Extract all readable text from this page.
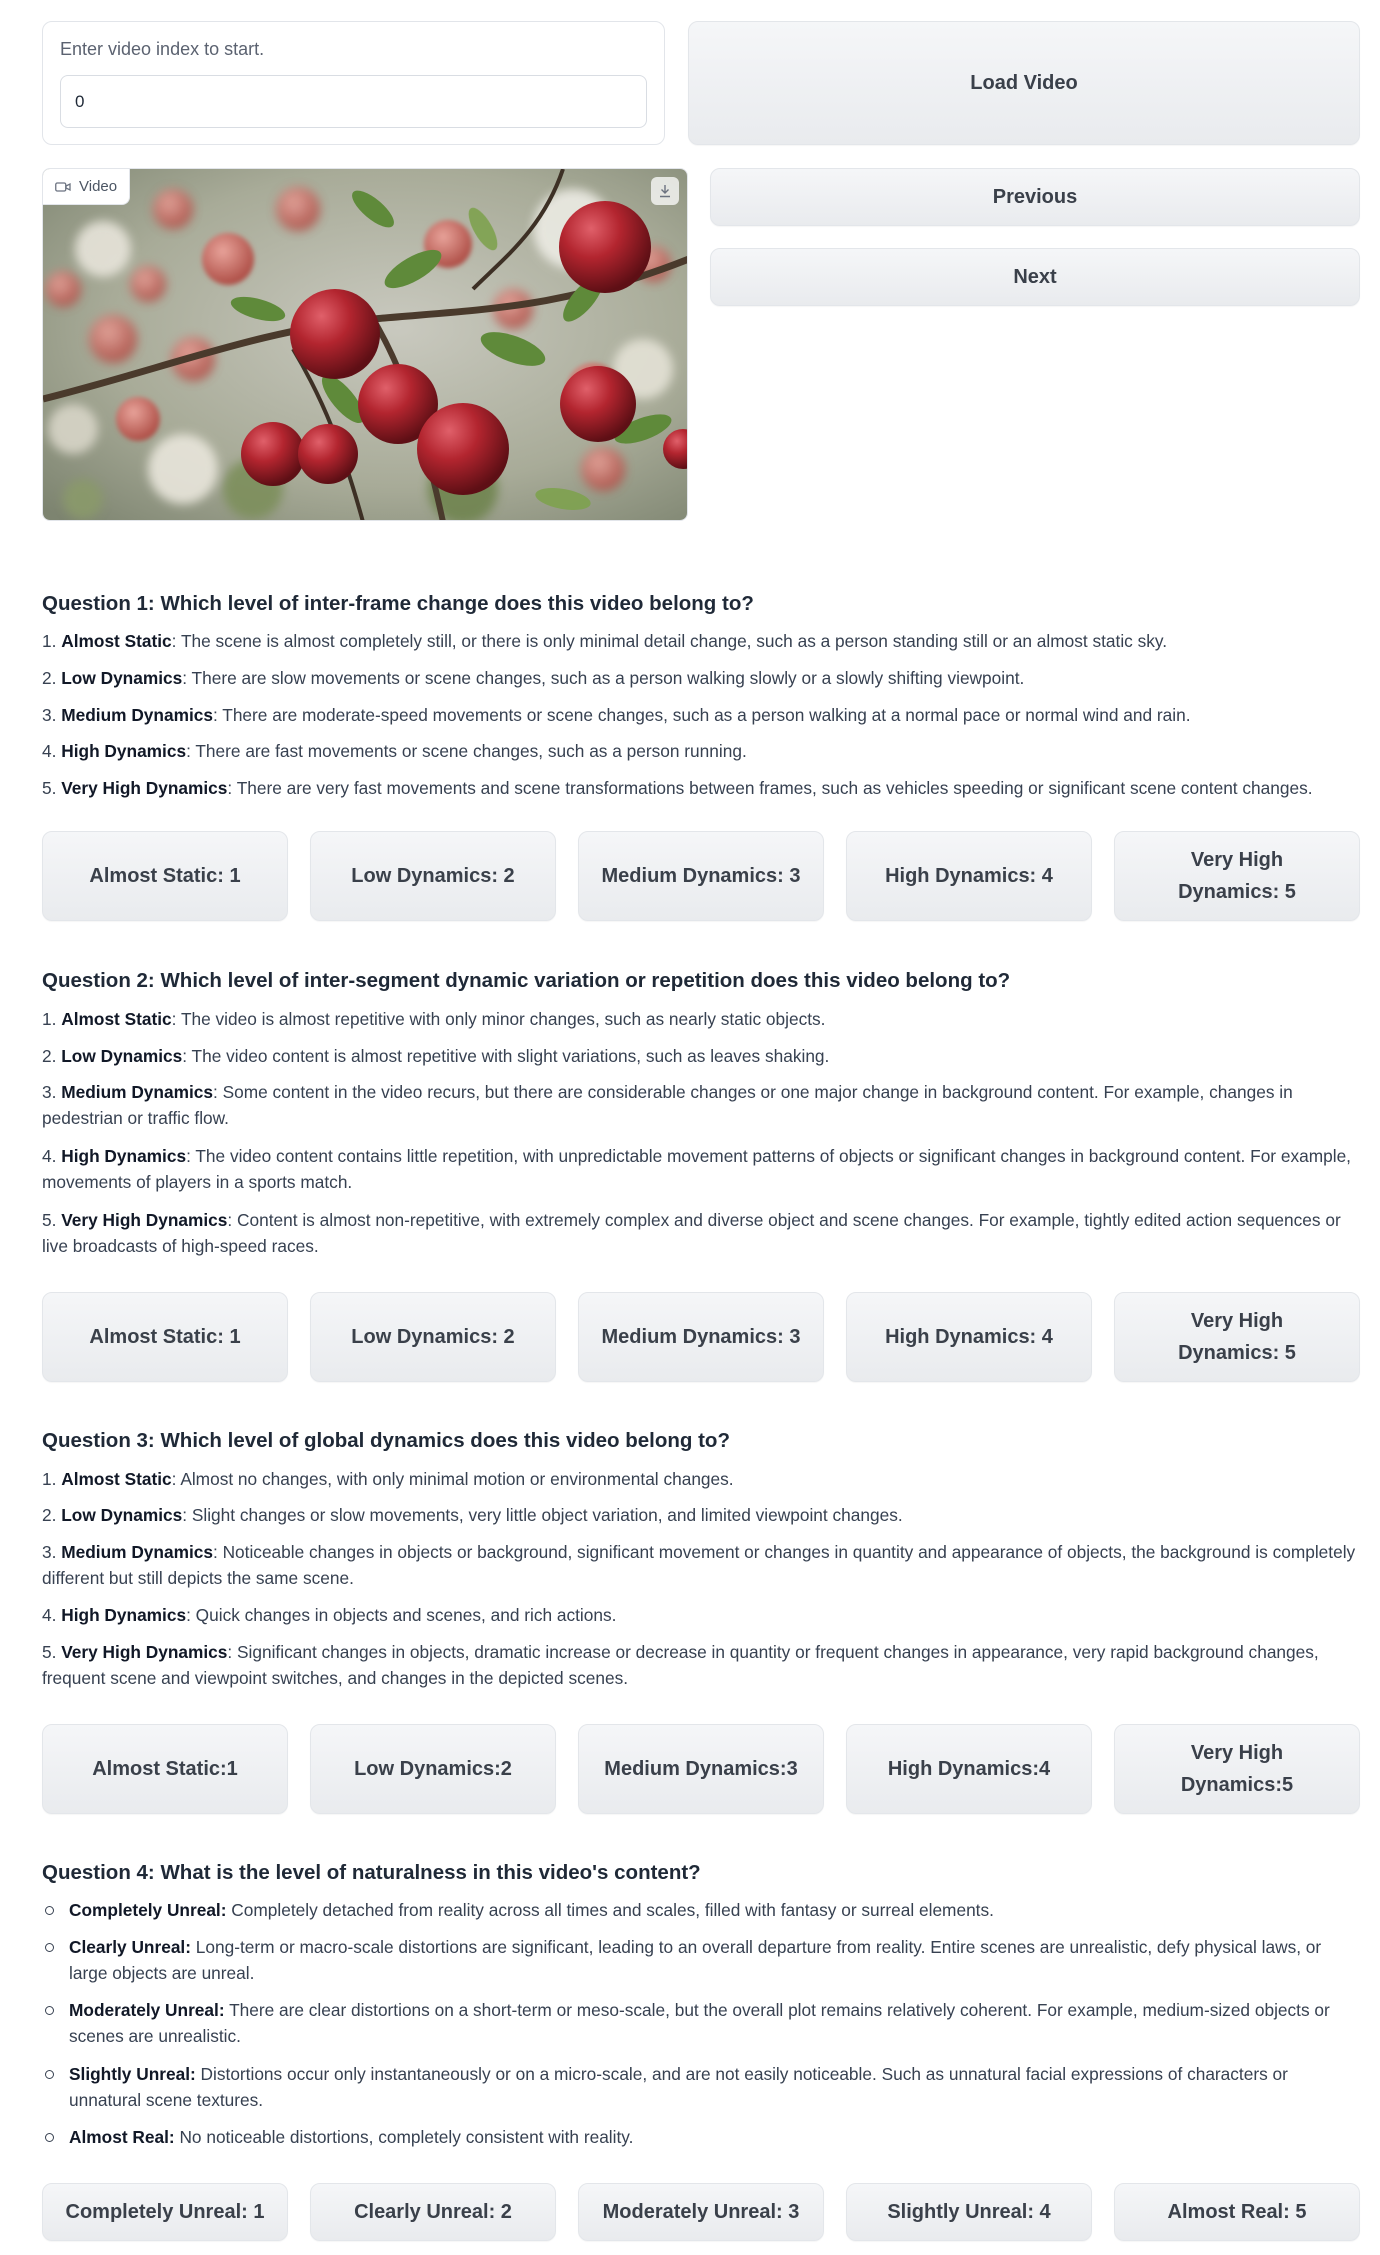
Enter video index to start.
0
Load Video
Video	Previous
Next
Question 1: Which level of inter-frame change does this video belong to?
1. Almost Static: The scene is almost completely still, or there is only minimal detail change, such as a person standing still or an almost static sky.
2. Low Dynamics: There are slow movements or scene changes, such as a person walking slowly or a slowly shifting viewpoint.
3. Medium Dynamics: There are moderate-speed movements or scene changes, such as a person walking at a normal pace or normal wind and rain.
4. High Dynamics: There are fast movements or scene changes, such as a person running.
5. Very High Dynamics: There are very fast movements and scene transformations between frames, such as vehicles speeding or significant scene content changes.
Almost Static: 1	Low Dynamics: 2	Medium Dynamics: 3	High Dynamics: 4
Very High Dynamics: 5
Question 2: Which level of inter-segment dynamic variation or repetition does this video belong to?
1. Almost Static: The video is almost repetitive with only minor changes, such as nearly static objects.
2. Low Dynamics: The video content is almost repetitive with slight variations, such as leaves shaking.
3. Medium Dynamics: Some content in the video recurs, but there are considerable changes or one major change in background content. For example, changes in pedestrian or traffic flow.
4. High Dynamics: The video content contains little repetition, with unpredictable movement patterns of objects or significant changes in background content. For example, movements of players in a sports match.
5. Very High Dynamics: Content is almost non-repetitive, with extremely complex and diverse object and scene changes. For example, tightly edited action sequences or live broadcasts of high-speed races.
Almost Static: 1	Low Dynamics: 2	Medium Dynamics: 3	High Dynamics: 4
Very High Dynamics: 5
Question 3: Which level of global dynamics does this video belong to?
1. Almost Static: Almost no changes, with only minimal motion or environmental changes.
2. Low Dynamics: Slight changes or slow movements, very little object variation, and limited viewpoint changes.
3. Medium Dynamics: Noticeable changes in objects or background, significant movement or changes in quantity and appearance of objects, the background is completely different but still depicts the same scene.
4. High Dynamics: Quick changes in objects and scenes, and rich actions.
5. Very High Dynamics: Significant changes in objects, dramatic increase or decrease in quantity or frequent changes in appearance, very rapid background changes, frequent scene and viewpoint switches, and changes in the depicted scenes.
Almost Static:1	Low Dynamics:2	Medium Dynamics:3	High Dynamics:4
Very High Dynamics:5
Question 4: What is the level of naturalness in this video's content?
Completely Unreal: Completely detached from reality across all times and scales, filled with fantasy or surreal elements.
Clearly Unreal: Long-term or macro-scale distortions are significant, leading to an overall departure from reality. Entire scenes are unrealistic, defy physical laws, or large objects are unreal.
Moderately Unreal: There are clear distortions on a short-term or meso-scale, but the overall plot remains relatively coherent. For example, medium-sized objects or scenes are unrealistic.
Slightly Unreal: Distortions occur only instantaneously or on a micro-scale, and are not easily noticeable. Such as unnatural facial expressions of characters or unnatural scene textures.
Almost Real: No noticeable distortions, completely consistent with reality.
Completely Unreal: 1	Clearly Unreal: 2	Moderately Unreal: 3	Slightly Unreal: 4	Almost Real: 5
